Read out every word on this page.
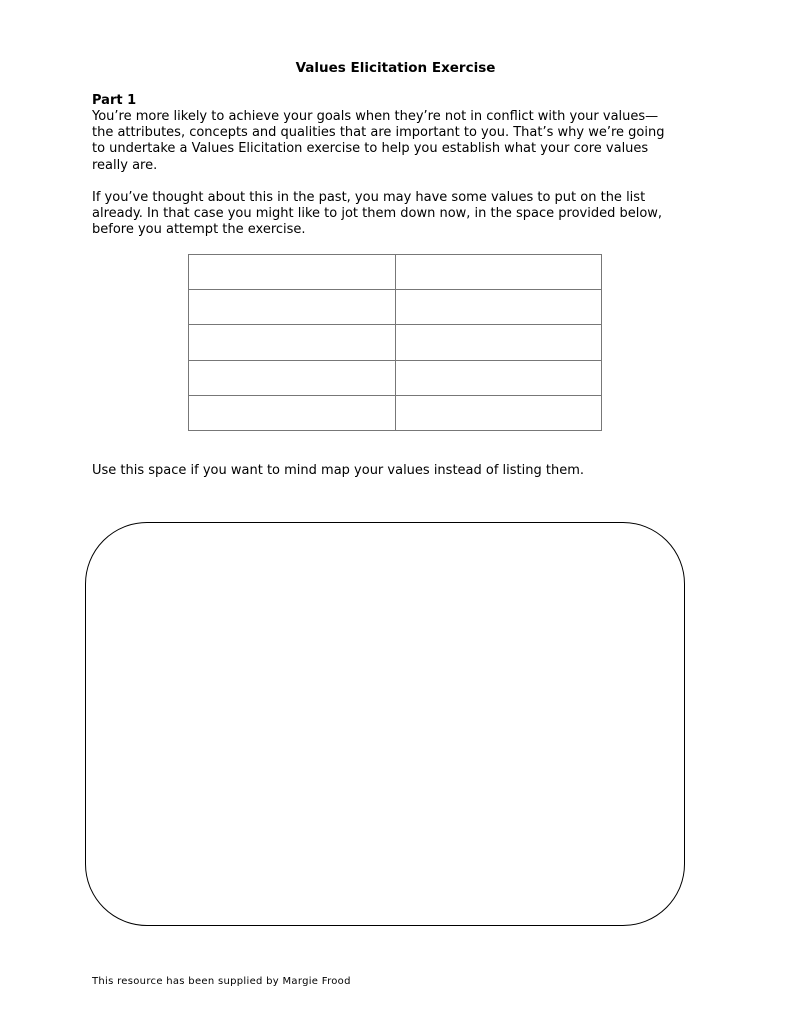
Values Elicitation Exercise
Part 1
You’re more likely to achieve your goals when they’re not in conflict with your values—
the attributes, concepts and qualities that are important to you. That’s why we’re going
to undertake a Values Elicitation exercise to help you establish what your core values
really are.
If you’ve thought about this in the past, you may have some values to put on the list
already. In that case you might like to jot them down now, in the space provided below,
before you attempt the exercise.

Use this space if you want to mind map your values instead of listing them.
This resource has been supplied by Margie Frood
